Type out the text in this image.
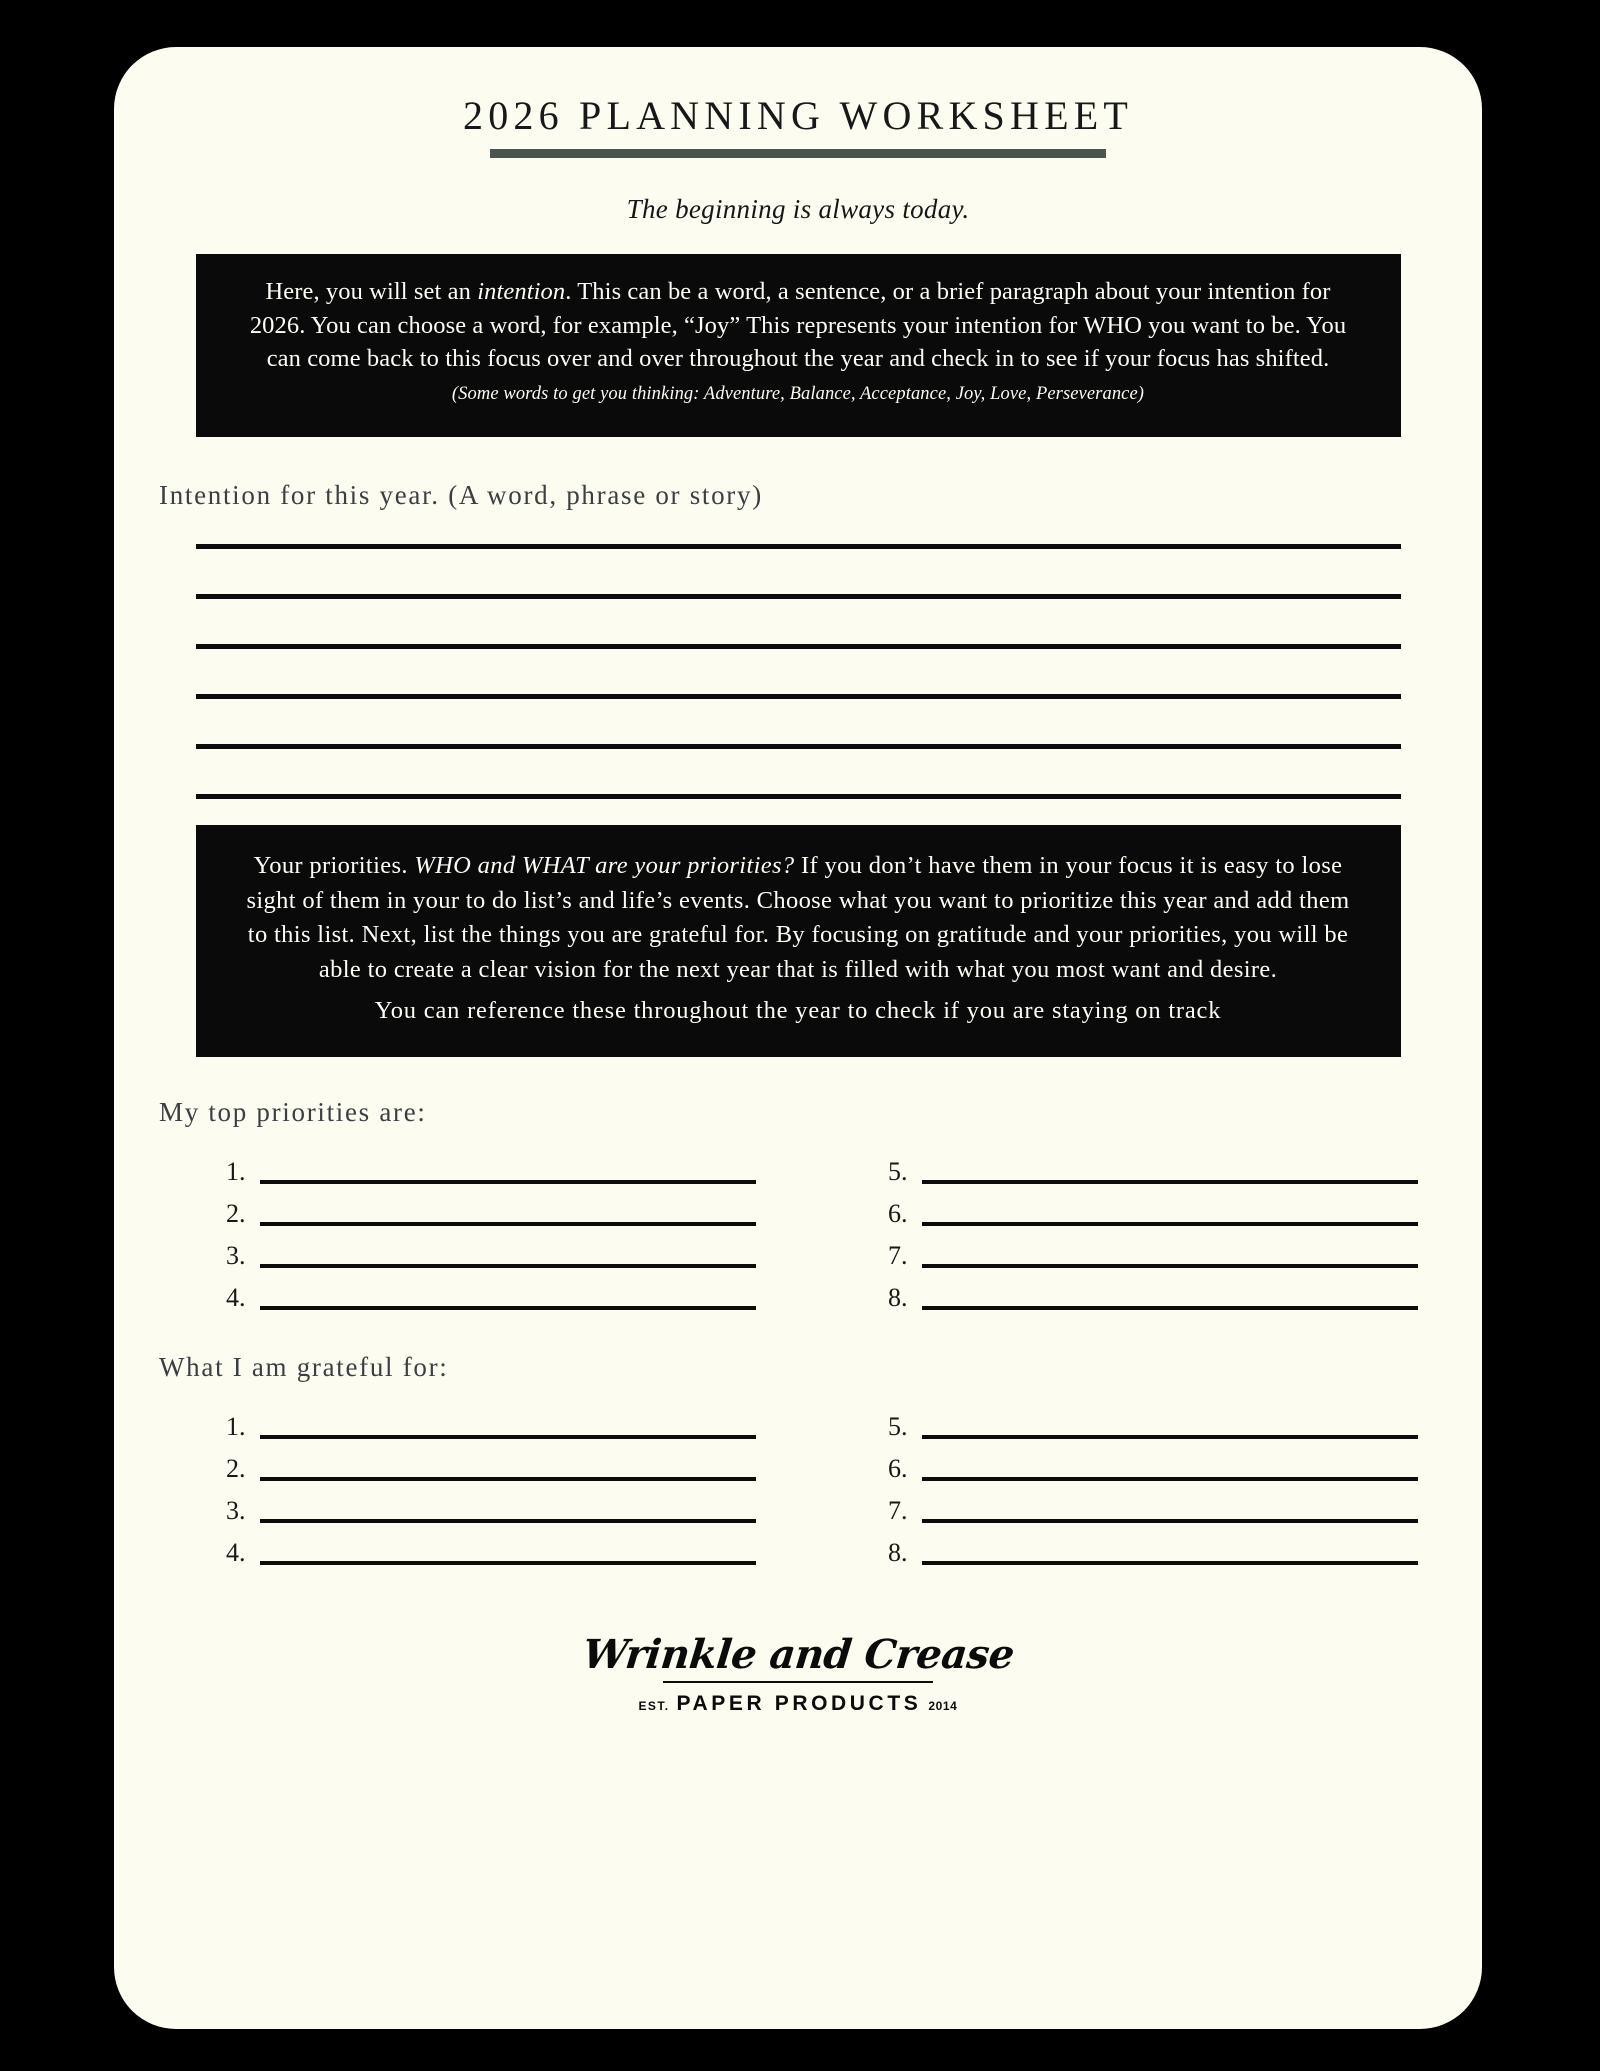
2026 PLANNING WORKSHEET
The beginning is always today.

Here, you will set an intention. This can be a word, a sentence, or a brief paragraph about your intention for 2026. You can choose a word, for example, “Joy” This represents your intention for WHO you want to be. You can come back to this focus over and over throughout the year and check in to see if your focus has shifted.

(Some words to get you thinking: Adventure, Balance, Acceptance, Joy, Love, Perseverance)

Intention for this year. (A word, phrase or story)

Your priorities. WHO and WHAT are your priorities? If you don’t have them in your focus it is easy to lose sight of them in your to do list’s and life’s events. Choose what you want to prioritize this year and add them to this list. Next, list the things you are grateful for. By focusing on gratitude and your priorities, you will be able to create a clear vision for the next year that is filled with what you most want and desire.

You can reference these throughout the year to check if you are staying on track

My top priorities are:
1.
2.
3.
4.
5.
6.
7.
8.
What I am grateful for:
1.
2.
3.
4.
5.
6.
7.
8.
Wrinkle and Crease
EST. PAPER PRODUCTS 2014
